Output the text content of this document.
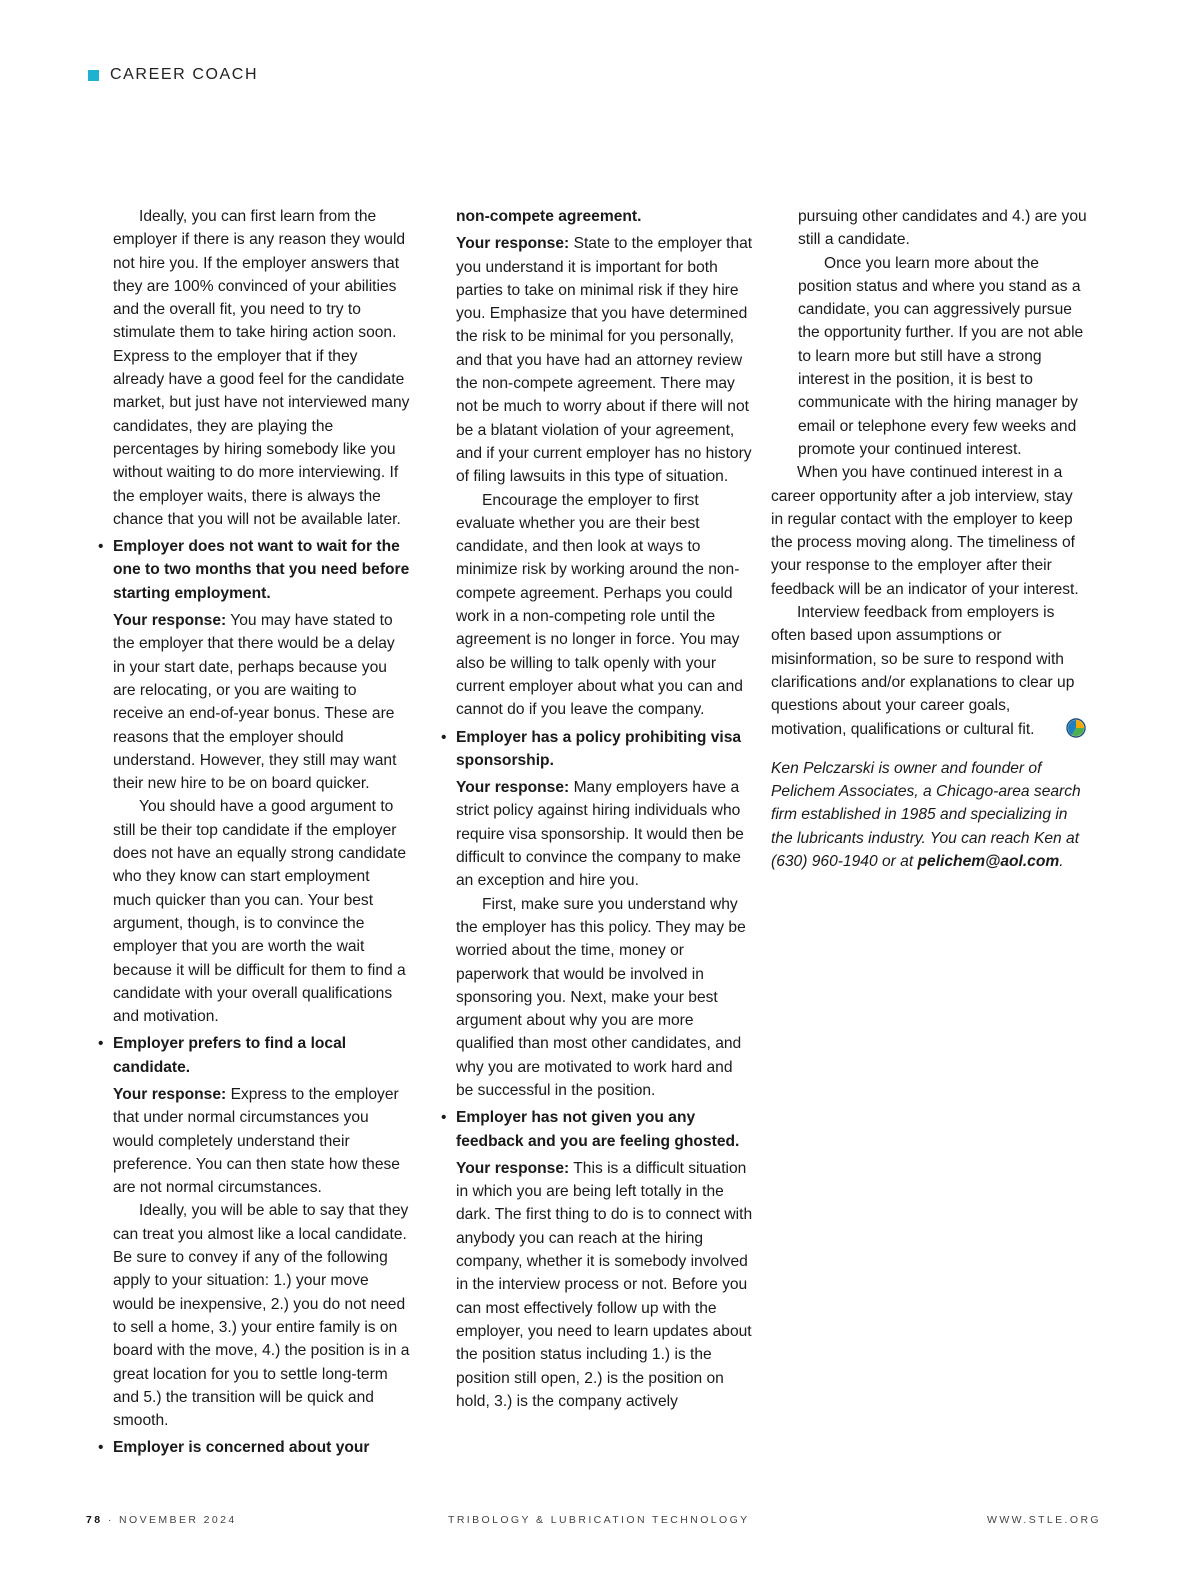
CAREER COACH

Ideally, you can first learn from the employer if there is any reason they would not hire you. If the employer answers that they are 100% convinced of your abilities and the overall fit, you need to try to stimulate them to take hiring action soon. Express to the employer that if they already have a good feel for the candidate market, but just have not interviewed many candidates, they are playing the percentages by hiring somebody like you without waiting to do more interviewing. If the employer waits, there is always the chance that you will not be available later.

• Employer does not want to wait for the one to two months that you need before starting employment.

Your response: You may have stated to the employer that there would be a delay in your start date, perhaps because you are relocating, or you are waiting to receive an end-of-year bonus. These are reasons that the employer should understand. However, they still may want their new hire to be on board quicker.

You should have a good argument to still be their top candidate if the employer does not have an equally strong candidate who they know can start employment much quicker than you can. Your best argument, though, is to convince the employer that you are worth the wait because it will be difficult for them to find a candidate with your overall qualifications and motivation.

• Employer prefers to find a local candidate.

Your response: Express to the employer that under normal circumstances you would completely understand their preference. You can then state how these are not normal circumstances.

Ideally, you will be able to say that they can treat you almost like a local candidate. Be sure to convey if any of the following apply to your situation: 1.) your move would be inexpensive, 2.) you do not need to sell a home, 3.) your entire family is on board with the move, 4.) the position is in a great location for you to settle long-term and 5.) the transition will be quick and smooth.

• Employer is concerned about your

non-compete agreement.

Your response: State to the employer that you understand it is important for both parties to take on minimal risk if they hire you. Emphasize that you have determined the risk to be minimal for you personally, and that you have had an attorney review the non-compete agreement. There may not be much to worry about if there will not be a blatant violation of your agreement, and if your current employer has no history of filing lawsuits in this type of situation.

Encourage the employer to first evaluate whether you are their best candidate, and then look at ways to minimize risk by working around the non-compete agreement. Perhaps you could work in a non-competing role until the agreement is no longer in force. You may also be willing to talk openly with your current employer about what you can and cannot do if you leave the company.

• Employer has a policy prohibiting visa sponsorship.

Your response: Many employers have a strict policy against hiring individuals who require visa sponsorship. It would then be difficult to convince the company to make an exception and hire you.

First, make sure you understand why the employer has this policy. They may be worried about the time, money or paperwork that would be involved in sponsoring you. Next, make your best argument about why you are more qualified than most other candidates, and why you are motivated to work hard and be successful in the position.

• Employer has not given you any feedback and you are feeling ghosted.

Your response: This is a difficult situation in which you are being left totally in the dark. The first thing to do is to connect with anybody you can reach at the hiring company, whether it is somebody involved in the interview process or not. Before you can most effectively follow up with the employer, you need to learn updates about the position status including 1.) is the position still open, 2.) is the position on hold, 3.) is the company actively

pursuing other candidates and 4.) are you still a candidate.

Once you learn more about the position status and where you stand as a candidate, you can aggressively pursue the opportunity further. If you are not able to learn more but still have a strong interest in the position, it is best to communicate with the hiring manager by email or telephone every few weeks and promote your continued interest.

When you have continued interest in a career opportunity after a job interview, stay in regular contact with the employer to keep the process moving along. The timeliness of your response to the employer after their feedback will be an indicator of your interest.

Interview feedback from employers is often based upon assumptions or misinformation, so be sure to respond with clarifications and/or explanations to clear up questions about your career goals, motivation, qualifications or cultural fit.

Ken Pelczarski is owner and founder of Pelichem Associates, a Chicago-area search firm established in 1985 and specializing in the lubricants industry. You can reach Ken at (630) 960-1940 or at pelichem@aol.com.

78 · NOVEMBER 2024	TRIBOLOGY & LUBRICATION TECHNOLOGY	WWW.STLE.ORG
